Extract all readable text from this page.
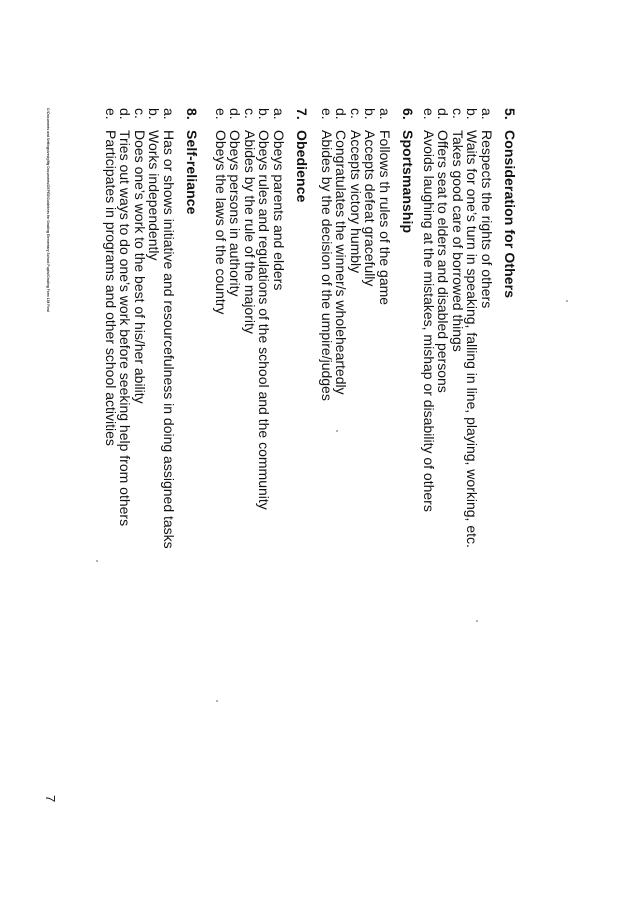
5.Consideration for Others
a.
Respects the rights of others
b.
Waits for one’s turn in speaking, falling in line, playing, working, etc.
c.
Takes good care of borrowed things
d.
Offers seat to elders and disabled persons
e.
Avoids laughing at the mistakes, mishap or disability of others
6.Sportsmanship
a.
Follows th rules of the game
b.
Accepts defeat gracefully
c.
Accepts victory humbly
d.
Congratulates the winner/s wholeheartedly
e.
Abides by the decision of the umpire/judges
7.Obedience
a.
Obeys parents and elders
b.
Obeys rules and regulations of the school and the community
c.
Abides by the rule of the majority
d.
Obeys persons in authority
e.
Obeys the laws of the country
8.Self-reliance
a.
Has or shows initiative and resourcefulness in doing assigned tasks
b.
Works independently
c.
Does one’s work to the best of his/her ability
d.
Tries out ways to do one’s work before seeking help from others
e.
Participates in programs and other school activities
C:\Documents and Settings\vesly\My Documents\DEPED\Guidelines for Grading Elementary School Pupils\Grading Form 138 Final
7
